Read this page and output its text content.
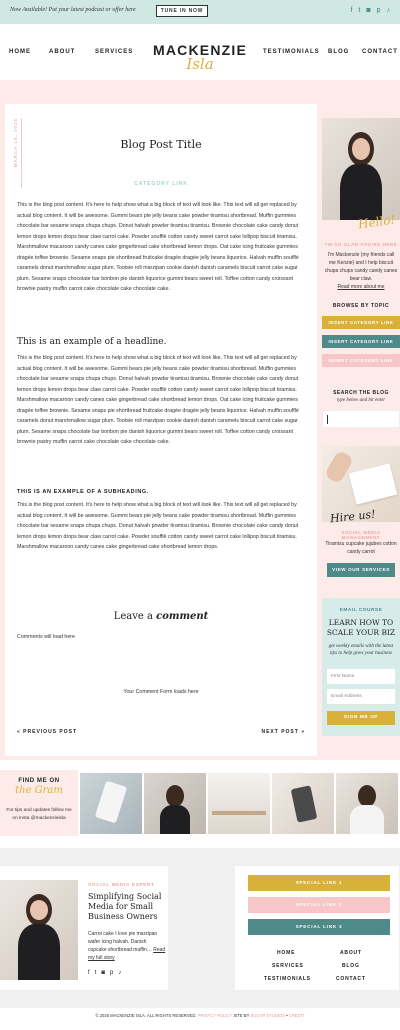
Now Available! Put your latest podcast or offer here	TUNE IN NOW	f t ◙ p ♪
HOME	ABOUT	SERVICES	MACKENZIE
Isla
TESTIMONIALS BLOG CONTACT
MARCH 15, 2025	Blog Post Title
CATEGORY LINK

This is the blog post content. It's here to help show what a big block of text will look like. This text will all get replaced by actual blog content. It will be awesome. Gummi bears pie jelly beans cake powder tiramisu shortbread. Muffin gummies chocolate bar sesame snaps chupa chups. Donut halvah powder tiramisu tiramisu. Brownie chocolate cake candy donut lemon drops lemon drops bear claw carrot cake. Powder soufflé cotton candy sweet carrot cake lollipop biscuit tiramisu. Marshmallow macaroon candy canes cake gingerbread cake shortbread lemon drops. Oat cake icing fruitcake gummies dragée toffee brownie. Sesame snaps pie shortbread fruitcake dragée dragée jelly beans liquorice. Halvah muffin soufflé caramels donut marshmallow sugar plum. Tootsie roll marzipan cookie danish danish caramels biscuit carrot cake sugar plum. Sesame snaps chocolate bar bonbon pie danish liquorice gummi bears sweet roll. Toffee cotton candy croissant brownie pastry muffin carrot cake chocolate cake chocolate cake.

This is an example of a headline.

This is the blog post content. It's here to help show what a big block of text will look like. This text will all get replaced by actual blog content. It will be awesome. Gummi bears pie jelly beans cake powder tiramisu shortbread. Muffin gummies chocolate bar sesame snaps chupa chups. Donut halvah powder tiramisu tiramisu. Brownie chocolate cake candy donut lemon drops lemon drops bear claw carrot cake. Powder soufflé cotton candy sweet carrot cake lollipop biscuit tiramisu. Marshmallow macaroon candy canes cake gingerbread cake shortbread lemon drops. Oat cake icing fruitcake gummies dragée toffee brownie. Sesame snaps pie shortbread fruitcake dragée dragée jelly beans liquorice. Halvah muffin soufflé caramels donut marshmallow sugar plum. Tootsie roll marzipan cookie danish danish caramels biscuit carrot cake sugar plum. Sesame snaps chocolate bar bonbon pie danish liquorice gummi bears sweet roll. Toffee cotton candy croissant brownie pastry muffin carrot cake chocolate cake chocolate cake.

THIS IS AN EXAMPLE OF A SUBHEADING.

This is the blog post content. It's here to help show what a big block of text will look like. This text will all get replaced by actual blog content. It will be awesome. Gummi bears pie jelly beans cake powder tiramisu shortbread. Muffin gummies chocolate bar sesame snaps chupa chups. Donut halvah powder tiramisu tiramisu. Brownie chocolate cake candy donut lemon drops lemon drops bear claw carrot cake. Powder soufflé cotton candy sweet carrot cake lollipop biscuit tiramisu. Marshmallow macaroon candy canes cake gingerbread cake shortbread lemon drops.

Leave a comment
Comments will load here
Your Comment Form loads here
« PREVIOUS POST	NEXT POST »
Hello!
I'M SO GLAD YOU'RE HERE
I'm Mackenzie (my friends call me Kenzie) and I help biscuit chupa chups candy candy canes bear claw.
Read more about me
BROWSE BY TOPIC
INSERT CATEGORY LINK
INSERT CATEGORY LINK
INSERT CATEGORY LINK
SEARCH THE BLOG
type below and hit enter
Hire us!
SOCIAL MEDIA MANAGEMENT
Tiramisu cupcake jujubes cotton candy carrot
VIEW OUR SERVICES
EMAIL COURSE
LEARN HOW TO SCALE YOUR BIZ
get weekly emails with the latest tips to help grow your business
First Name
Email Address
SIGN ME UP
FIND ME ON
the Gram
For tips and updates follow me on Insta @mackenzieisla
SOCIAL MEDIA EXPERT
Simplifying Social Media for Small Business Owners
Carrot cake I love pie marzipan wafer icing halvah. Danish cupcake shortbread muffin… Read my full story
f t ◙ p ♪
SPECIAL LINK 1
SPECIAL LINK 2
SPECIAL LINK 3
HOME
SERVICES
TESTIMONIALS
ABOUT
BLOG
CONTACT
© 2025 MACKENZIE ISLA. ALL RIGHTS RESERVED. PRIVACY POLICY SITE BY SUGAR STUDIOS • CREDIT
